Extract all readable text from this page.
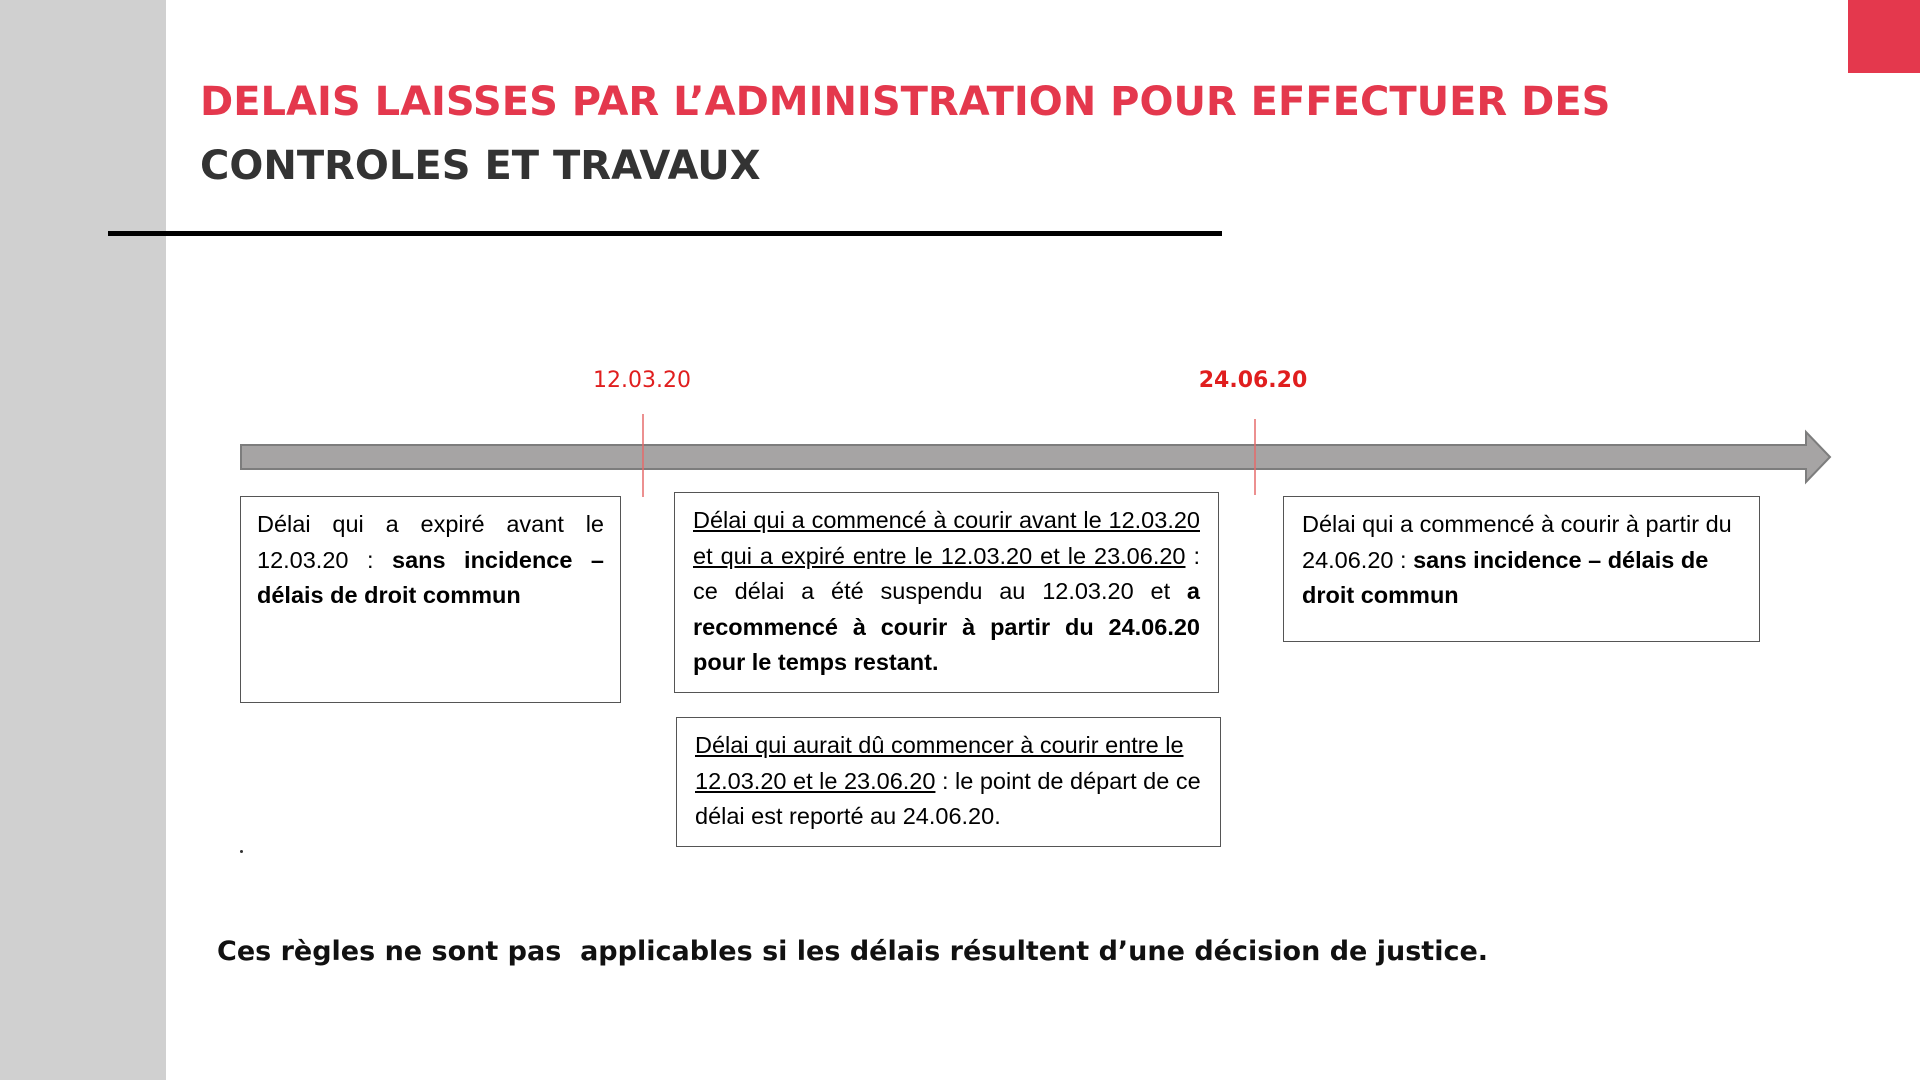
DELAIS LAISSES PAR L’ADMINISTRATION POUR EFFECTUER DES CONTROLES ET TRAVAUX
12.03.20	24.06.20

Délai qui a expiré avant le 12.03.20 : sans incidence – délais de droit commun

Délai qui a commencé à courir avant le 12.03.20 et qui a expiré entre le 12.03.20 et le 23.06.20 : ce délai a été suspendu au 12.03.20 et a recommencé à courir à partir du 24.06.20 pour le temps restant.

Délai qui a commencé à courir à partir du 24.06.20 : sans incidence – délais de droit commun

Délai qui aurait dû commencer à courir entre le 12.03.20 et le 23.06.20 : le point de départ de ce délai est reporté au 24.06.20.

Ces règles ne sont pas  applicables si les délais résultent d’une décision de justice.
